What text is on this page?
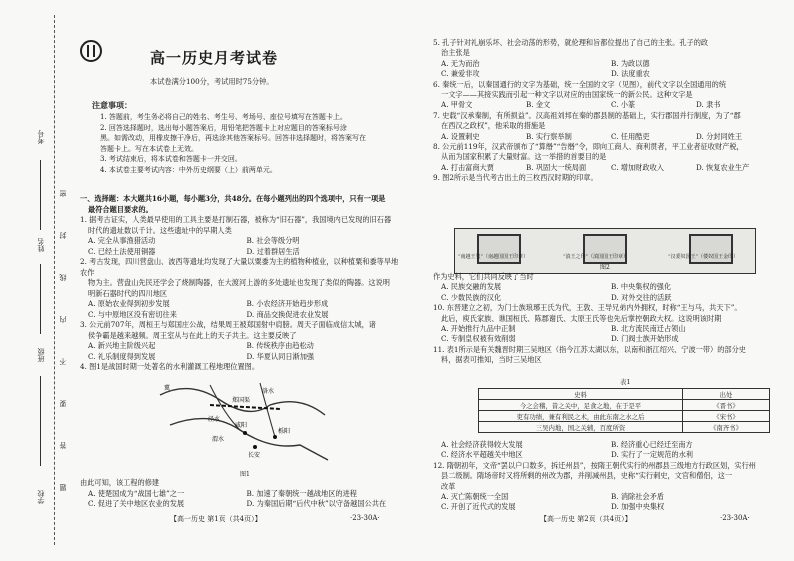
考号
姓名
班级
学校
密
封
线
内
不
要
答
题
高一历史月考试卷
本试卷满分100分，考试用时75分钟。
注意事项：

1. 答题前，考生务必将自己的姓名、考生号、考场号、座位号填写在答题卡上。

2. 回答选择题时，选出每小题答案后，用铅笔把答题卡上对应题目的答案标号涂

黑。如需改动，用橡皮擦干净后，再选涂其他答案标号。回答非选择题时，将答案写在

答题卡上。写在本试卷上无效。

3. 考试结束后，将本试卷和答题卡一并交回。

4. 本试卷主要考试内容：中外历史纲要（上）前两单元。

一、选择题：本大题共16小题，每小题3分，共48分。在每小题列出的四个选项中，只有一项是

最符合题目要求的。

1. 据考古证实，人类最早使用的工具主要是打制石器，被称为“旧石器”，我国境内已发现的旧石器

时代的遗址数以千计。这些遗址中的早期人类

A. 完全从事渔猎活动	B. 社会等级分明
C. 已经土法使用铜器	D. 过着群居生活

2. 考古发现，四川营盘山、波西等遗址均发现了大量以粟黍为主的植物种植业，以种植粟和黍等旱地农作

物为主。营盘山先民还学会了烧制陶器，在大渡河上游的多处遗址也发现了类似的陶器。这说明

明新石器时代的四川地区

A. 原始农业得到初步发展	B. 小农经济开始趋步形成
C. 与中原地区没有密切往来	D. 商品交换促进农业发展

3. 公元前707年，周桓王与郑国庄公战，结果周王被郑国射中肩膀。周天子面临成信太城，诸

侯争霸是越来越频。周王室从与在此上的天子共主。这主要反映了

A. 新兴地主阶级兴起	B. 传统秩序由趋松动
C. 礼乐制度得到发展	D. 华夏认同日渐加强

4. 图1是战国时期一处著名的水利灌溉工程地理位置图。

冀
郑国渠
泾水
洛水
渭水
咸阳
栎阳
长安
图1

由此可知，该工程的修建

A. 使楚国成为“战国七雄”之一	B. 加速了秦朝统一越战地区的进程
C. 促进了关中地区农业的发展	D. 为秦国后期“后代中秋”以守备越国公共在
【高一历史 第1页（共4页）】	·23-30A·

5. 孔子针对礼崩乐坏、社会动荡的形势，就伦理和旨都位提出了自己的主张。孔子的政

治主张是

A. 无为而治	B. 为政以德
C. 兼爱非攻	D. 法度重农

6. 秦统一后，以秦国通行的文字为基础，统一全国的文字（见图），前代文字以全国通用的统

一文字——其接实践而引起一种文字以对应的由国家统一的新公民。这种文字是

A. 甲骨文	B. 金文	C. 小篆	D. 隶书

7. 史载“汉承秦制，有所损益”。汉高祖刘邦在秦的郡县制的基础上，实行郡国并行制度，为了“郡

在西汉之政权”，他采取的措施是

A. 设置刺史	B. 实行察举制	C. 任用酷吏	D. 分封同姓王

8. 公元前119年，汉武帝颁布了“算缗”“告缗”令，即向工商人、商利贯者，平工业者征收财产税，

从而为国家积累了大量财富。这一举措的首要目的是

A. 打击富商大贾	B. 巩固大一统局面	C. 增加财政收入	D. 恢复农业生产

9. 图2所示是当代考古出土的三枚西汉时期的印章。

“南越王玺”（南越国国王印章）	“滇王之印”（滇国国王印章）	“汉委奴国王”（倭奴国王金印）
图2

作为史料，它们共同反映了当时

A. 民族交融的发展	B. 中央集权的强化
C. 少数民族的汉化	D. 对外交往的活跃

10. 东晋建立之初，为门士族琅琊王氏为代，王敦、王导兄弟内外拥权，时称“王与马，共天下”。

此后，庾氏家族、谯国桓氏、陈郡谢氏、太原王氏等也先后掌控朝政大权。这说明该时期

A. 开始推行九品中正制	B. 北方流民南迁占领山
C. 专制皇权被有效削弱	D. 门阀士族开始形成

11. 表1所示是有关魏晋时期三吴地区（指今江苏太湖以东，以南和浙江绍兴、宁波一带）的部分史

料，据表可推知，当时三吴地区

表1
史料	出处
今之会稽，昔之关中，足食之地，在于是平	《晋书》
吏有功绩，兼有利民之术，由此东南之水之后	《宋书》
三吴内地，国之关辅，百度所资	《南齐书》
A. 社会经济获得较大发展	B. 经济重心已经迁至南方
C. 经济水平超越关中地区	D. 实行了一定规范的水利

12. 隋朝初年，文帝“罢以户口数多，拆迁州县”，按隋王朝代实行的州郡县三级地方行政区划，实行州

县二级制。隋场帝时又将所剩的州改为郡，并削减州县，史称“实行刺史，文官和僧侣，这一

改革

A. 灭亡陈朝统一全国	B. 消除社会矛盾
C. 开创了近代式的发展	D. 加强中央集权
【高一历史 第2页（共4页）】	·23-30A·
